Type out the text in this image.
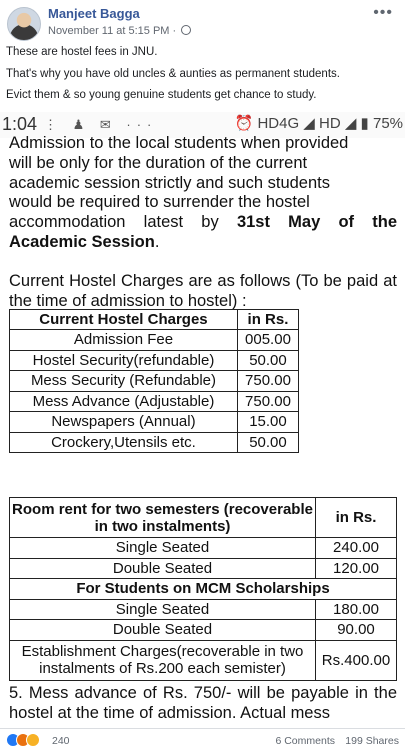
Manjeet Bagga
November 11 at 5:15 PM ·
•••
These are hostel fees in JNU.
That's why you have old uncles & aunties as permanent students.
Evict them & so young genuine students get chance to study.
1:04 ⋮ ♟ ✉ ···	⏰ HD4G ◢ HD ◢ ▮ 75%
Admission to the local students when provided
will be only for the duration of the current
academic session strictly and such students
would be required to surrender the hostel
accommodation latest by 31st May of the Academic Session.
Current Hostel Charges are as follows (To be paid at the time of admission to hostel) :
Current Hostel Charges	in Rs.
Admission Fee	005.00
Hostel Security(refundable)	50.00
Mess Security (Refundable)	750.00
Mess Advance (Adjustable)	750.00
Newspapers (Annual)	15.00
Crockery,Utensils etc.	50.00
Room rent for two semesters (recoverable in two instalments)	in Rs.
Single Seated	240.00
Double Seated	120.00
For Students on MCM Scholarships	
Single Seated	180.00
Double Seated	90.00
Establishment Charges(recoverable in two instalments of Rs.200 each semister)	Rs.400.00
5. Mess advance of Rs. 750/- will be payable in the hostel at the time of admission. Actual mess
240	6 Comments 199 Shares
